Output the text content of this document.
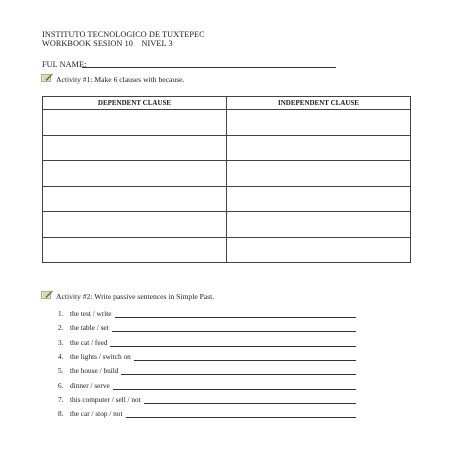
INSTITUTO TECNOLOGICO DE TUXTEPEC
WORKBOOK SESION 10    NIVEL 3
FUL NAME:
Activity #1: Make 6 clauses with because.
DEPENDENT CLAUSE	INDEPENDENT CLAUSE

Activity #2: Write passive sentences in Simple Past.
1. the test / write
2. the table / set
3. the cat / feed
4. the lights / switch on
5. the house / build
6. dinner / serve
7. this computer / sell / not
8. the car / stop / not
